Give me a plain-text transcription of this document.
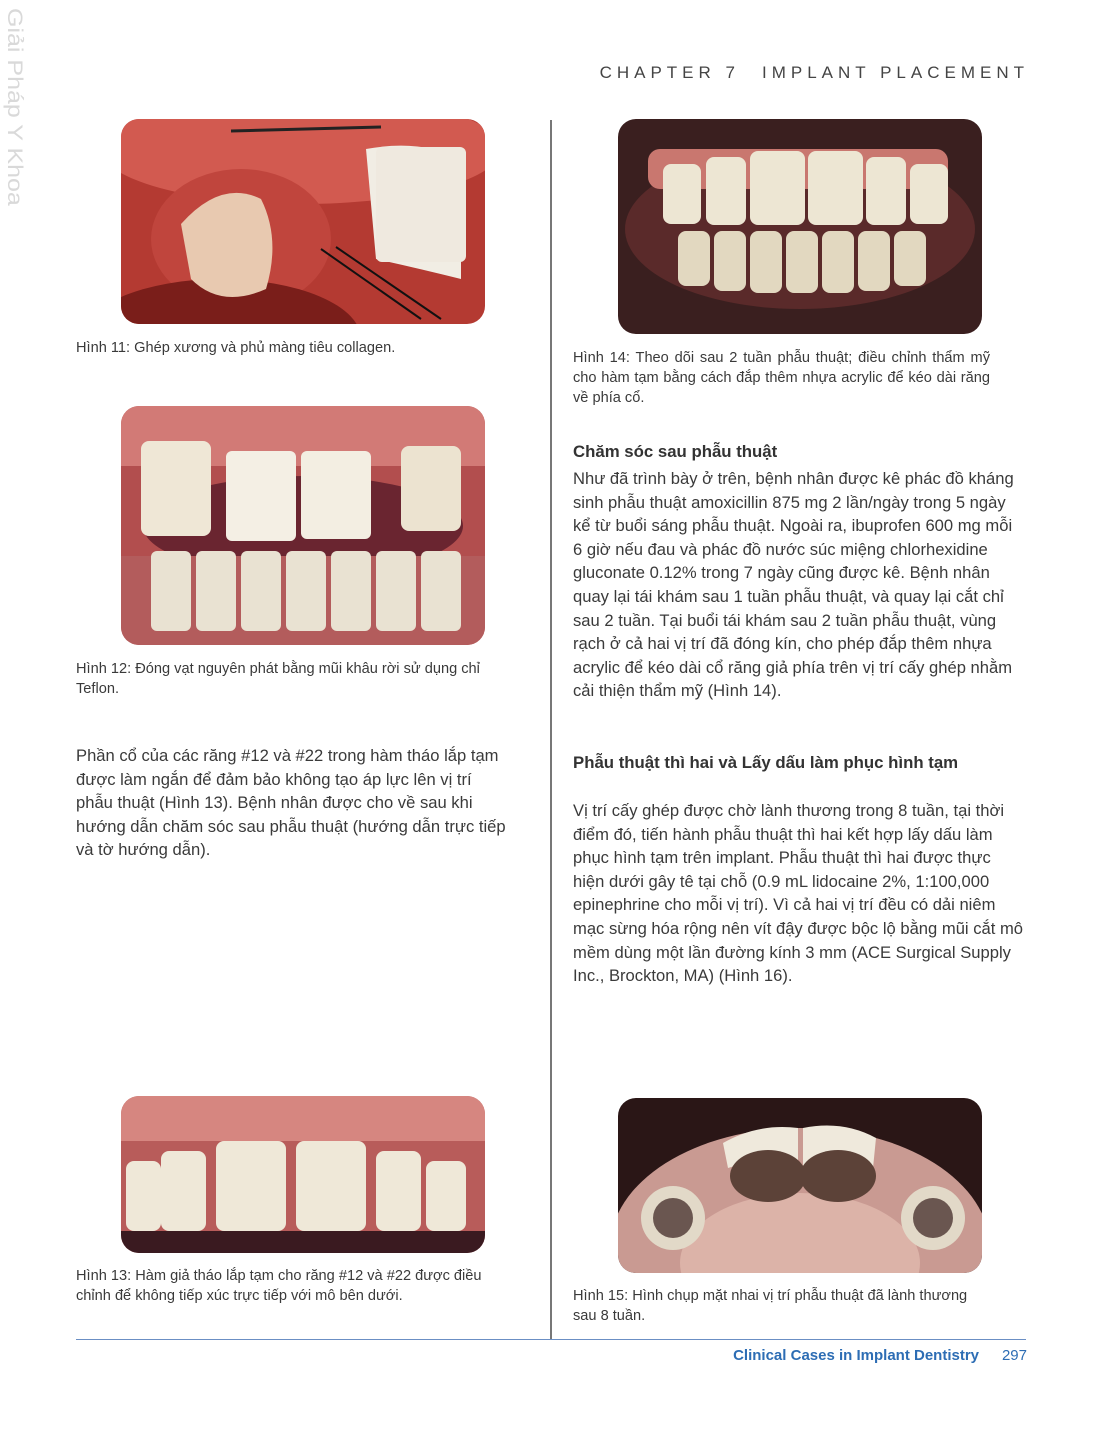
Giải Pháp Y Khoa	CHAPTER 7 IMPLANT PLACEMENT
Hình 11: Ghép xương và phủ màng tiêu collagen.
Hình 12: Đóng vạt nguyên phát bằng mũi khâu rời sử dụng chỉ Teflon.
Phần cổ của các răng #12 và #22 trong hàm tháo lắp tạm được làm ngắn để đảm bảo không tạo áp lực lên vị trí phẫu thuật (Hình 13). Bệnh nhân được cho về sau khi hướng dẫn chăm sóc sau phẫu thuật (hướng dẫn trực tiếp và tờ hướng dẫn).
Hình 13: Hàm giả tháo lắp tạm cho răng #12 và #22 được điều chỉnh để không tiếp xúc trực tiếp với mô bên dưới.
Hình 14: Theo dõi sau 2 tuần phẫu thuật; điều chỉnh thẩm mỹ cho hàm tạm bằng cách đắp thêm nhựa acrylic để kéo dài răng về phía cổ.
Chăm sóc sau phẫu thuật
Như đã trình bày ở trên, bệnh nhân được kê phác đồ kháng sinh phẫu thuật amoxicillin 875 mg 2 lần/ngày trong 5 ngày kể từ buổi sáng phẫu thuật. Ngoài ra, ibuprofen 600 mg mỗi 6 giờ nếu đau và phác đồ nước súc miệng chlorhexidine gluconate 0.12% trong 7 ngày cũng được kê. Bệnh nhân quay lại tái khám sau 1 tuần phẫu thuật, và quay lại cắt chỉ sau 2 tuần. Tại buổi tái khám sau 2 tuần phẫu thuật, vùng rạch ở cả hai vị trí đã đóng kín, cho phép đắp thêm nhựa acrylic để kéo dài cổ răng giả phía trên vị trí cấy ghép nhằm cải thiện thẩm mỹ (Hình 14).
Phẫu thuật thì hai và Lấy dấu làm phục hình tạm
Vị trí cấy ghép được chờ lành thương trong 8 tuần, tại thời điểm đó, tiến hành phẫu thuật thì hai kết hợp lấy dấu làm phục hình tạm trên implant. Phẫu thuật thì hai được thực hiện dưới gây tê tại chỗ (0.9 mL lidocaine 2%, 1:100,000 epinephrine cho mỗi vị trí). Vì cả hai vị trí đều có dải niêm mạc sừng hóa rộng nên vít đậy được bộc lộ bằng mũi cắt mô mềm dùng một lần đường kính 3 mm (ACE Surgical Supply Inc., Brockton, MA) (Hình 16).
Hình 15: Hình chụp mặt nhai vị trí phẫu thuật đã lành thương sau 8 tuần.
Clinical Cases in Implant Dentistry 297
